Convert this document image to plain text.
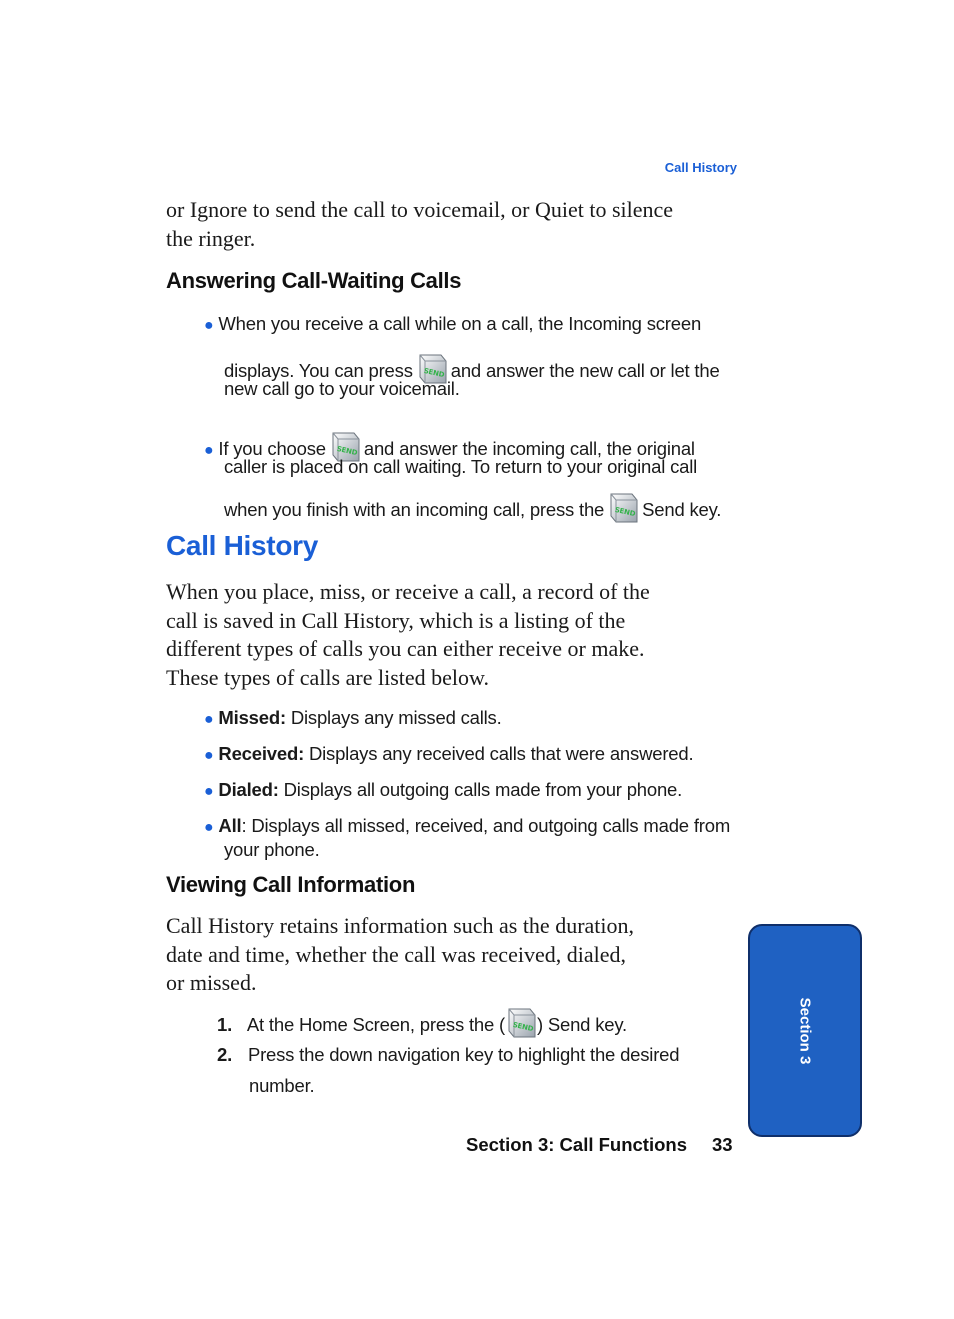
Call History
or Ignore to send the call to voicemail, or Quiet to silence
the ringer.
Answering Call-Waiting Calls
● When you receive a call while on a call, the Incoming screen
displays. You can press SEND and answer the new call or let the
new call go to your voicemail.
● If you choose SEND and answer the incoming call, the original
caller is placed on call waiting. To return to your original call
when you finish with an incoming call, press the SEND Send key.
Call History
When you place, miss, or receive a call, a record of the
call is saved in Call History, which is a listing of the
different types of calls you can either receive or make.
These types of calls are listed below.
● Missed: Displays any missed calls.
● Received: Displays any received calls that were answered.
● Dialed: Displays all outgoing calls made from your phone.
● All: Displays all missed, received, and outgoing calls made from
your phone.
Viewing Call Information
Call History retains information such as the duration,
date and time, whether the call was received, dialed,
or missed.
1. At the Home Screen, press the ( SEND ) Send key.
2. Press the down navigation key to highlight the desired
number.
Section 3
Section 3: Call Functions 33
